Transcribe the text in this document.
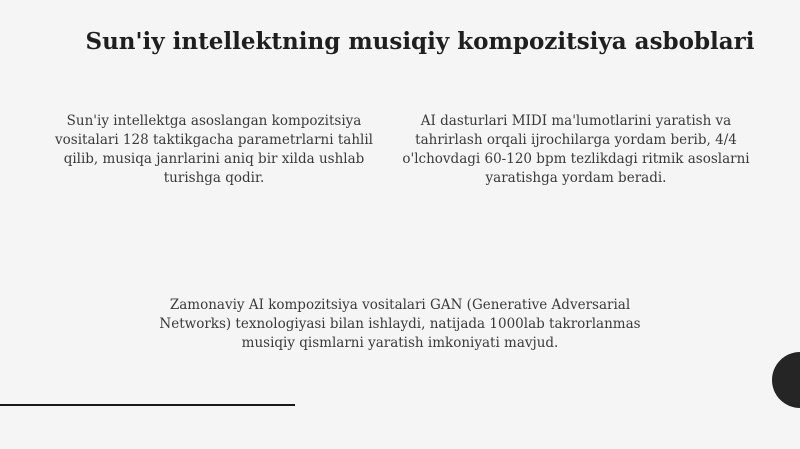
Sun'iy intellektning musiqiy kompozitsiya asboblari
Sun'iy intellektga asoslangan kompozitsiya vositalari 128 taktikgacha parametrlarni tahlil qilib, musiqa janrlarini aniq bir xilda ushlab turishga qodir.
AI dasturlari MIDI ma'lumotlarini yaratish va tahrirlash orqali ijrochilarga yordam berib, 4/4 o'lchovdagi 60-120 bpm tezlikdagi ritmik asoslarni yaratishga yordam beradi.
Zamonaviy AI kompozitsiya vositalari GAN (Generative Adversarial Networks) texnologiyasi bilan ishlaydi, natijada 1000lab takrorlanmas musiqiy qismlarni yaratish imkoniyati mavjud.
